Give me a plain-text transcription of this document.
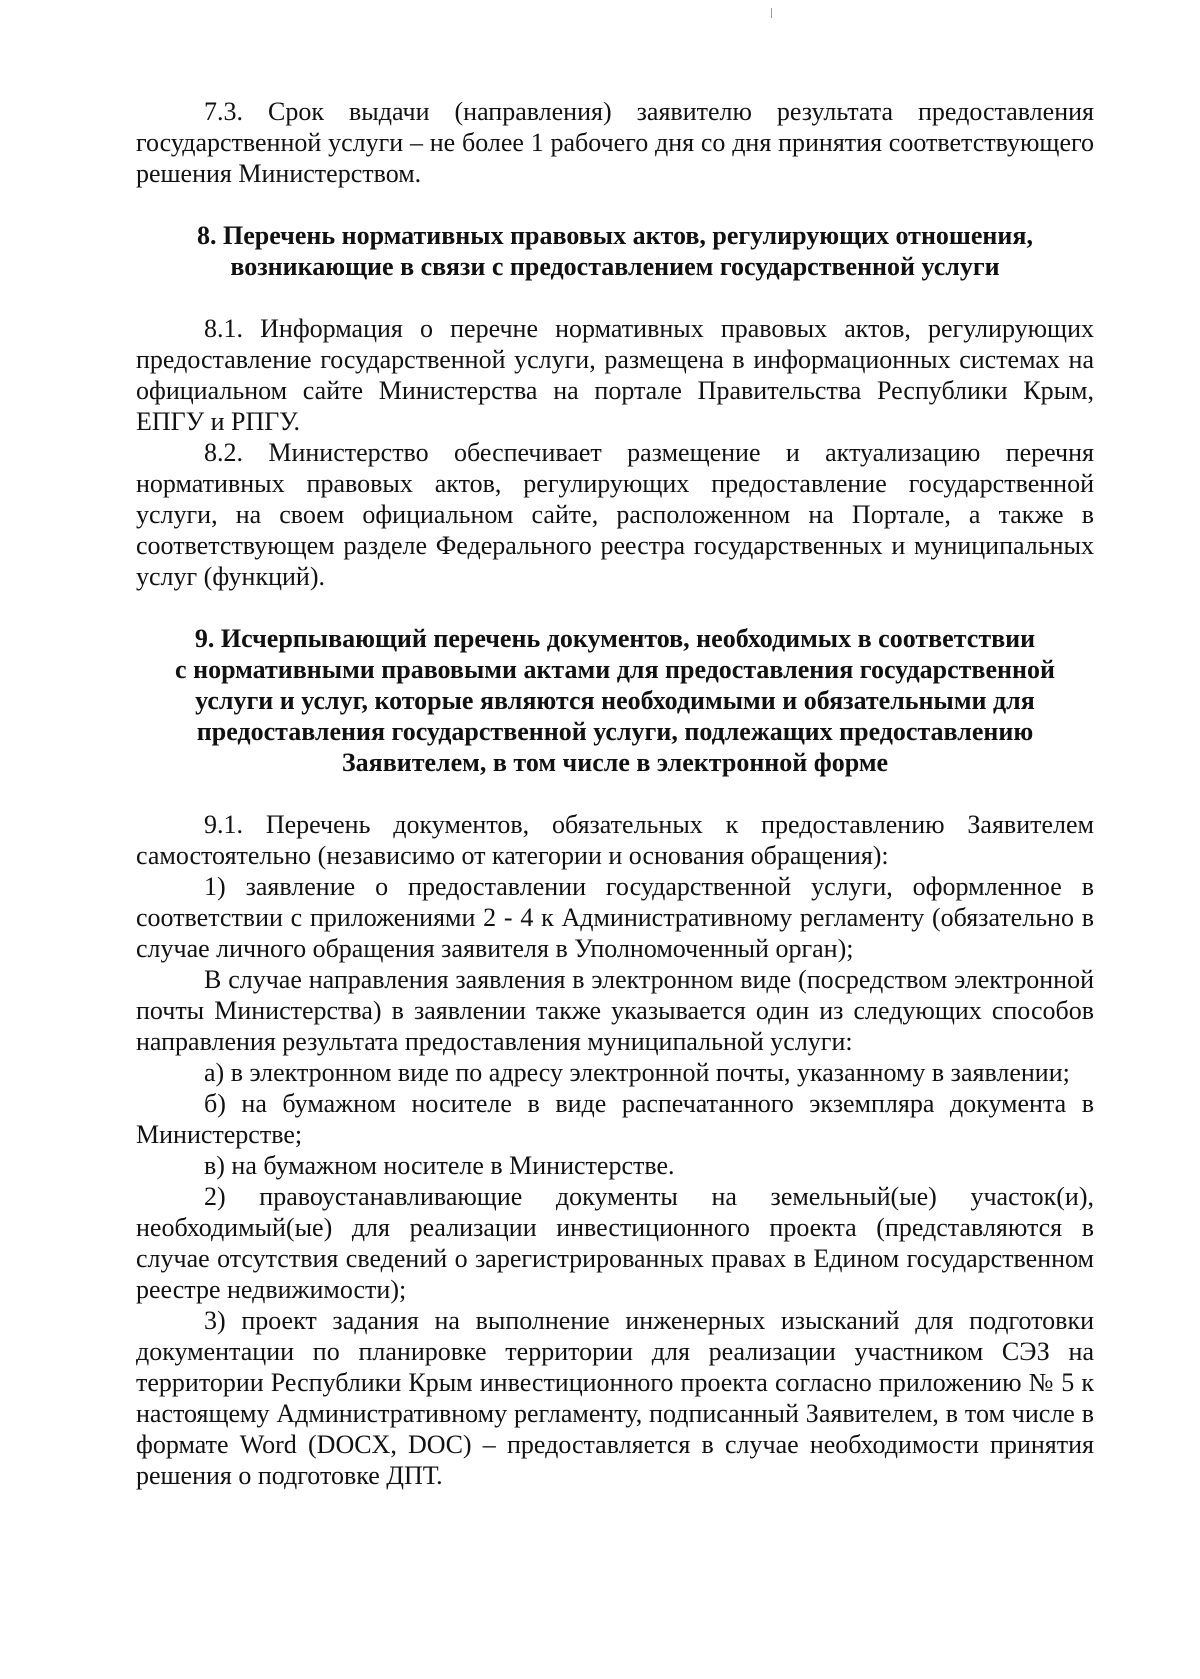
7.3. Срок выдачи (направления) заявителю результата предоставления государственной услуги – не более 1 рабочего дня со дня принятия соответствующего решения Министерством.

8. Перечень нормативных правовых актов, регулирующих отношения,
возникающие в связи с предоставлением государственной услуги

8.1. Информация о перечне нормативных правовых актов, регулирующих предоставление государственной услуги, размещена в информационных системах на официальном сайте Министерства на портале Правительства Республики Крым, ЕПГУ и РПГУ.

8.2. Министерство обеспечивает размещение и актуализацию перечня нормативных правовых актов, регулирующих предоставление государственной услуги, на своем официальном сайте, расположенном на Портале, а также в соответствующем разделе Федерального реестра государственных и муниципальных услуг (функций).

9. Исчерпывающий перечень документов, необходимых в соответствии
с нормативными правовыми актами для предоставления государственной
услуги и услуг, которые являются необходимыми и обязательными для
предоставления государственной услуги, подлежащих предоставлению
Заявителем, в том числе в электронной форме

9.1. Перечень документов, обязательных к предоставлению Заявителем самостоятельно (независимо от категории и основания обращения):

1) заявление о предоставлении государственной услуги, оформленное в соответствии с приложениями 2 - 4 к Административному регламенту (обязательно в случае личного обращения заявителя в Уполномоченный орган);

В случае направления заявления в электронном виде (посредством электронной почты Министерства) в заявлении также указывается один из следующих способов направления результата предоставления муниципальной услуги:

а) в электронном виде по адресу электронной почты, указанному в заявлении;

б) на бумажном носителе в виде распечатанного экземпляра документа в Министерстве;

в) на бумажном носителе в Министерстве.

2) правоустанавливающие документы на земельный(ые) участок(и), необходимый(ые) для реализации инвестиционного проекта (представляются в случае отсутствия сведений о зарегистрированных правах в Едином государственном реестре недвижимости);

3) проект задания на выполнение инженерных изысканий для подготовки документации по планировке территории для реализации участником СЭЗ на территории Республики Крым инвестиционного проекта согласно приложению № 5 к настоящему Административному регламенту, подписанный Заявителем, в том числе в формате Word (DOCX, DOC) – предоставляется в случае необходимости принятия решения о подготовке ДПТ.
